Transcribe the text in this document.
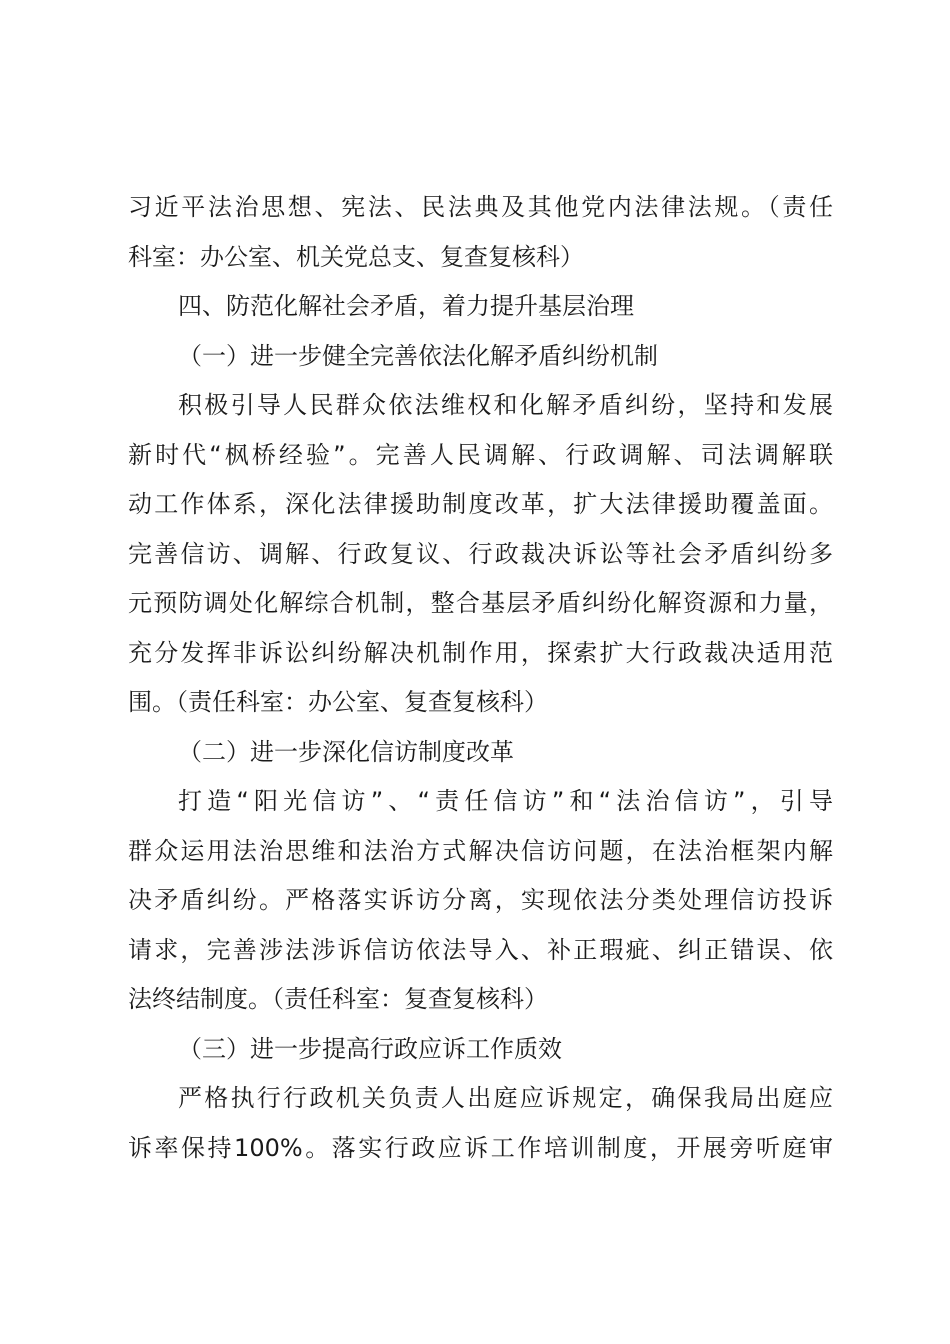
习近平法治思想、宪法、民法典及其他党内法律法规。（责任
科室：办公室、机关党总支、复查复核科）
四、防范化解社会矛盾，着力提升基层治理
（一）进一步健全完善依法化解矛盾纠纷机制
积极引导人民群众依法维权和化解矛盾纠纷，坚持和发展
新时代“枫桥经验”。完善人民调解、行政调解、司法调解联
动工作体系，深化法律援助制度改革，扩大法律援助覆盖面。
完善信访、调解、行政复议、行政裁决诉讼等社会矛盾纠纷多
元预防调处化解综合机制，整合基层矛盾纠纷化解资源和力量，
充分发挥非诉讼纠纷解决机制作用，探索扩大行政裁决适用范
围。（责任科室：办公室、复查复核科）
（二）进一步深化信访制度改革
打造“阳光信访”、“责任信访”和“法治信访”，引导
群众运用法治思维和法治方式解决信访问题，在法治框架内解
决矛盾纠纷。严格落实诉访分离，实现依法分类处理信访投诉
请求，完善涉法涉诉信访依法导入、补正瑕疵、纠正错误、依
法终结制度。（责任科室：复查复核科）
（三）进一步提高行政应诉工作质效
严格执行行政机关负责人出庭应诉规定，确保我局出庭应
诉率保持100%。落实行政应诉工作培训制度，开展旁听庭审
